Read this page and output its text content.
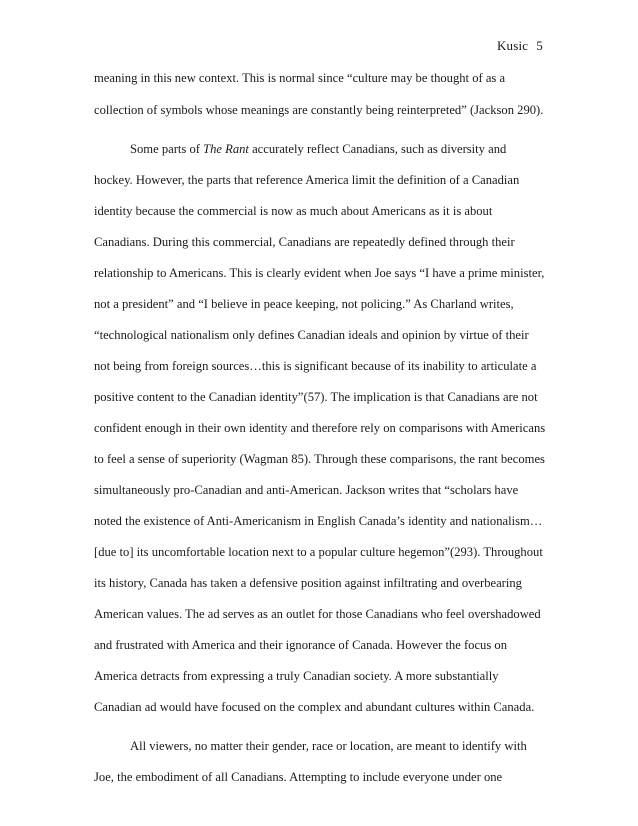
Kusic 5
meaning in this new context. This is normal since “culture may be thought of as a
collection of symbols whose meanings are constantly being reinterpreted” (Jackson 290).
Some parts of The Rant accurately reflect Canadians, such as diversity and
hockey. However, the parts that reference America limit the definition of a Canadian
identity because the commercial is now as much about Americans as it is about
Canadians. During this commercial, Canadians are repeatedly defined through their
relationship to Americans. This is clearly evident when Joe says “I have a prime minister,
not a president” and “I believe in peace keeping, not policing.” As Charland writes,
“technological nationalism only defines Canadian ideals and opinion by virtue of their
not being from foreign sources…this is significant because of its inability to articulate a
positive content to the Canadian identity”(57). The implication is that Canadians are not
confident enough in their own identity and therefore rely on comparisons with Americans
to feel a sense of superiority (Wagman 85). Through these comparisons, the rant becomes
simultaneously pro-Canadian and anti-American. Jackson writes that “scholars have
noted the existence of Anti-Americanism in English Canada’s identity and nationalism…
[due to] its uncomfortable location next to a popular culture hegemon”(293). Throughout
its history, Canada has taken a defensive position against infiltrating and overbearing
American values. The ad serves as an outlet for those Canadians who feel overshadowed
and frustrated with America and their ignorance of Canada. However the focus on
America detracts from expressing a truly Canadian society. A more substantially
Canadian ad would have focused on the complex and abundant cultures within Canada.
All viewers, no matter their gender, race or location, are meant to identify with
Joe, the embodiment of all Canadians. Attempting to include everyone under one
